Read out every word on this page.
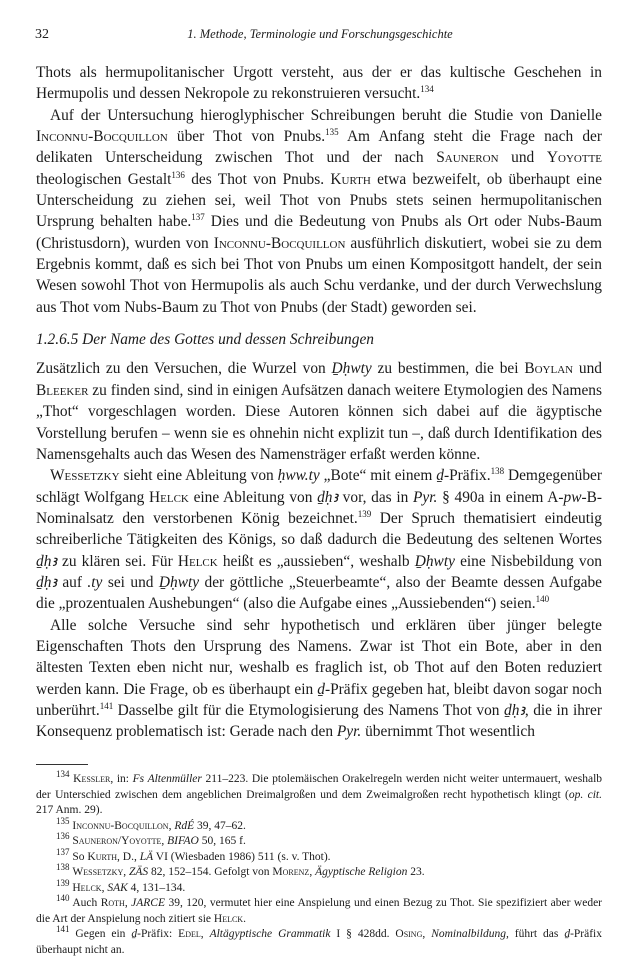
32	1. Methode, Terminologie und Forschungsgeschichte

Thots als hermupolitanischer Urgott versteht, aus der er das kultische Geschehen in Hermupolis und dessen Nekropole zu rekonstruieren versucht.$^{134}$

Auf der Untersuchung hieroglyphischer Schreibungen beruht die Studie von Danielle Inconnu-Bocquillon über Thot von Pnubs.$^{135}$ Am Anfang steht die Frage nach der delikaten Unterscheidung zwischen Thot und der nach Sauneron und Yoyotte theologischen Gestalt$^{136}$ des Thot von Pnubs. Kurth etwa bezweifelt, ob überhaupt eine Unterscheidung zu ziehen sei, weil Thot von Pnubs stets seinen hermupolitanischen Ursprung behalten habe.$^{137}$ Dies und die Bedeutung von Pnubs als Ort oder Nubs-Baum (Christusdorn), wurden von Inconnu-Bocquillon ausführlich diskutiert, wobei sie zu dem Ergebnis kommt, daß es sich bei Thot von Pnubs um einen Kompositgott handelt, der sein Wesen sowohl Thot von Hermupolis als auch Schu verdanke, und der durch Verwechslung aus Thot vom Nubs-Baum zu Thot von Pnubs (der Stadt) geworden sei.

1.2.6.5 Der Name des Gottes und dessen Schreibungen

Zusätzlich zu den Versuchen, die Wurzel von Ḏḥwty zu bestimmen, die bei Boylan und Bleeker zu finden sind, sind in einigen Aufsätzen danach weitere Etymologien des Namens „Thot“ vorgeschlagen worden. Diese Autoren können sich dabei auf die ägyptische Vorstellung berufen – wenn sie es ohnehin nicht explizit tun –, daß durch Identifikation des Namensgehalts auch das Wesen des Namensträger erfaßt werden könne.

Wessetzky sieht eine Ableitung von ḥww.ty „Bote“ mit einem ḏ-Präfix.$^{138}$ Demgegenüber schlägt Wolfgang Helck eine Ableitung von ḏḥꜣ vor, das in Pyr. § 490a in einem A-pw-B-Nominalsatz den verstorbenen König bezeichnet.$^{139}$ Der Spruch thematisiert eindeutig schreiberliche Tätigkeiten des Königs, so daß dadurch die Bedeutung des seltenen Wortes ḏḥꜣ zu klären sei. Für Helck heißt es „aussieben“, weshalb Ḏḥwty eine Nisbebildung von ḏḥꜣ auf .ty sei und Ḏḥwty der göttliche „Steuerbeamte“, also der Beamte dessen Aufgabe die „prozentualen Aushebungen“ (also die Aufgabe eines „Aussiebenden“) seien.$^{140}$

Alle solche Versuche sind sehr hypothetisch und erklären über jünger belegte Eigenschaften Thots den Ursprung des Namens. Zwar ist Thot ein Bote, aber in den ältesten Texten eben nicht nur, weshalb es fraglich ist, ob Thot auf den Boten reduziert werden kann. Die Frage, ob es überhaupt ein ḏ-Präfix gegeben hat, bleibt davon sogar noch unberührt.$^{141}$ Dasselbe gilt für die Etymologisierung des Namens Thot von ḏḥꜣ, die in ihrer Konsequenz problematisch ist: Gerade nach den Pyr. übernimmt Thot wesentlich

$^{134}$ Kessler, in: Fs Altenmüller 211–223. Die ptolemäischen Orakelregeln werden nicht weiter untermauert, weshalb der Unterschied zwischen dem angeblichen Dreimalgroßen und dem Zweimalgroßen recht hypothetisch klingt (op. cit. 217 Anm. 29).

$^{135}$ Inconnu-Bocquillon, RdÉ 39, 47–62.

$^{136}$ Sauneron/Yoyotte, BIFAO 50, 165 f.

$^{137}$ So Kurth, D., LÄ VI (Wiesbaden 1986) 511 (s. v. Thot).

$^{138}$ Wessetzky, ZÄS 82, 152–154. Gefolgt von Morenz, Ägyptische Religion 23.

$^{139}$ Helck, SAK 4, 131–134.

$^{140}$ Auch Roth, JARCE 39, 120, vermutet hier eine Anspielung und einen Bezug zu Thot. Sie spezifiziert aber weder die Art der Anspielung noch zitiert sie Helck.

$^{141}$ Gegen ein ḏ-Präfix: Edel, Altägyptische Grammatik I § 428dd. Osing, Nominalbildung, führt das ḏ-Präfix überhaupt nicht an.
